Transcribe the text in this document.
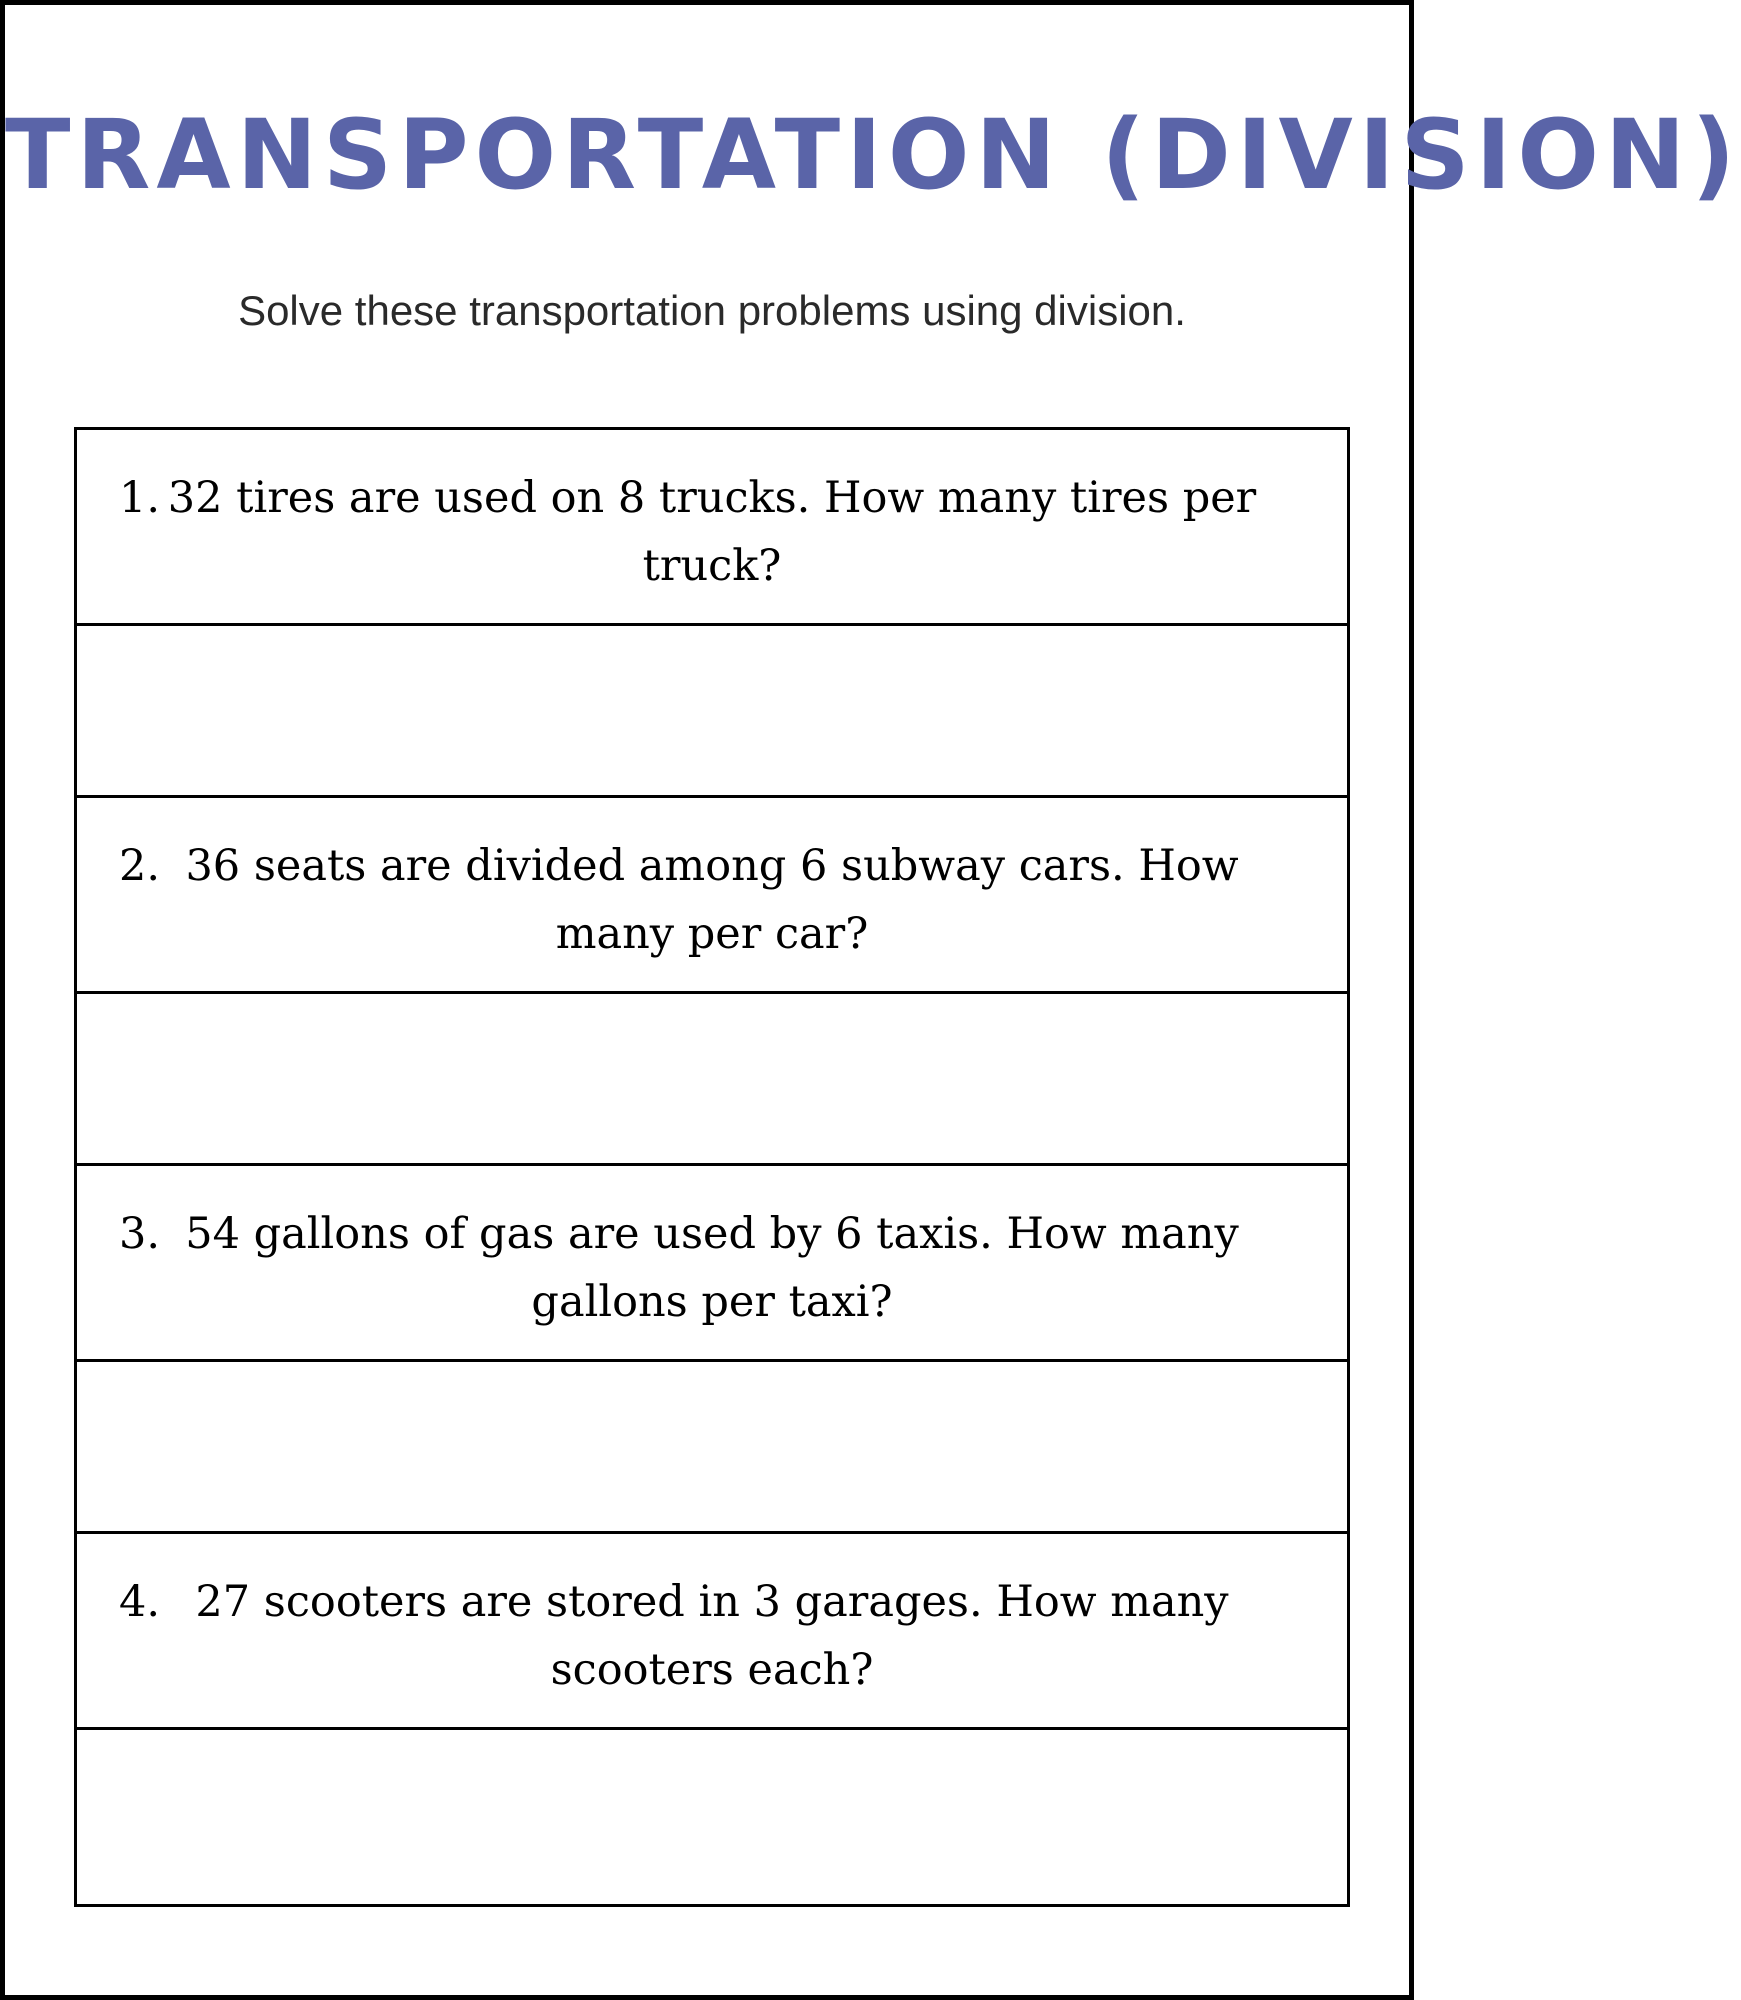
TRANSPORTATION (DIVISION)
Solve these transportation problems using division.
1. 32 tires are used on 8 trucks. How many tires per truck?
2. 36 seats are divided among 6 subway cars. How many per car?
3. 54 gallons of gas are used by 6 taxis. How many gallons per taxi?
4. 27 scooters are stored in 3 garages. How many scooters each?
